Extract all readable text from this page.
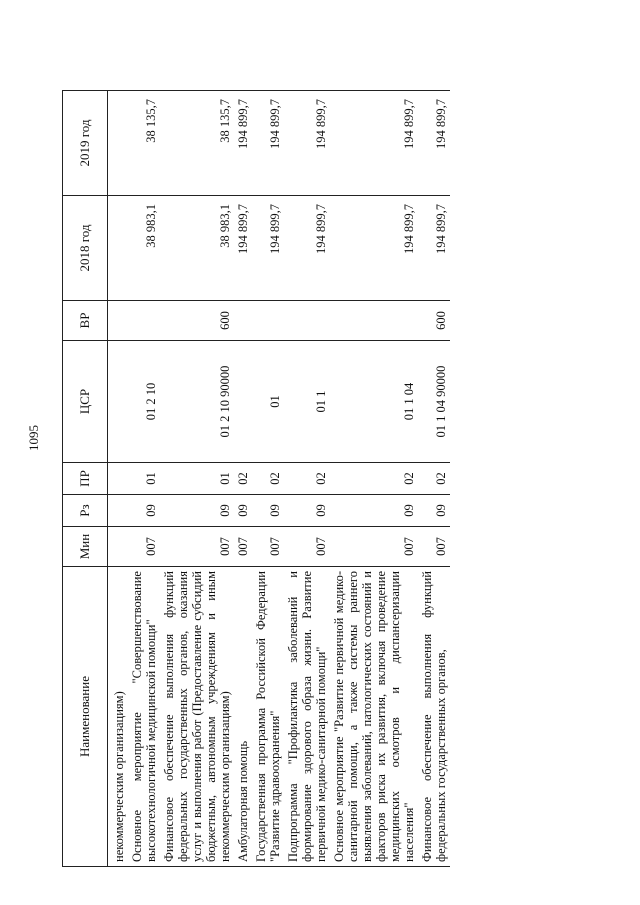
1095
Наименование	Мин	Рз	ПР	ЦСР	ВР	2018 год	2019 год
некоммерческим организациям)							
Основное мероприятие "Совершенствование высокотехнологичной медицинской помощи"	007	09	01	01 2 10		38 983,1	38 135,7
Финансовое обеспечение выполнения функций федеральных государственных органов, оказания услуг и выполнения работ (Предоставление субсидий бюджетным, автономным учреждениям и иным некоммерческим организациям)	007	09	01	01 2 10 90000	600	38 983,1	38 135,7
Амбулаторная помощь	007	09	02			194 899,7	194 899,7
Государственная программа Российской Федерации "Развитие здравоохранения"	007	09	02	01		194 899,7	194 899,7
Подпрограмма "Профилактика заболеваний и формирование здорового образа жизни. Развитие первичной медико-санитарной помощи"	007	09	02	01 1		194 899,7	194 899,7
Основное мероприятие "Развитие первичной медико-санитарной помощи, а также системы раннего выявления заболеваний, патологических состояний и факторов риска их развития, включая проведение медицинских осмотров и диспансеризации населения"	007	09	02	01 1 04		194 899,7	194 899,7
Финансовое обеспечение выполнения функций федеральных государственных органов,	007	09	02	01 1 04 90000	600	194 899,7	194 899,7
